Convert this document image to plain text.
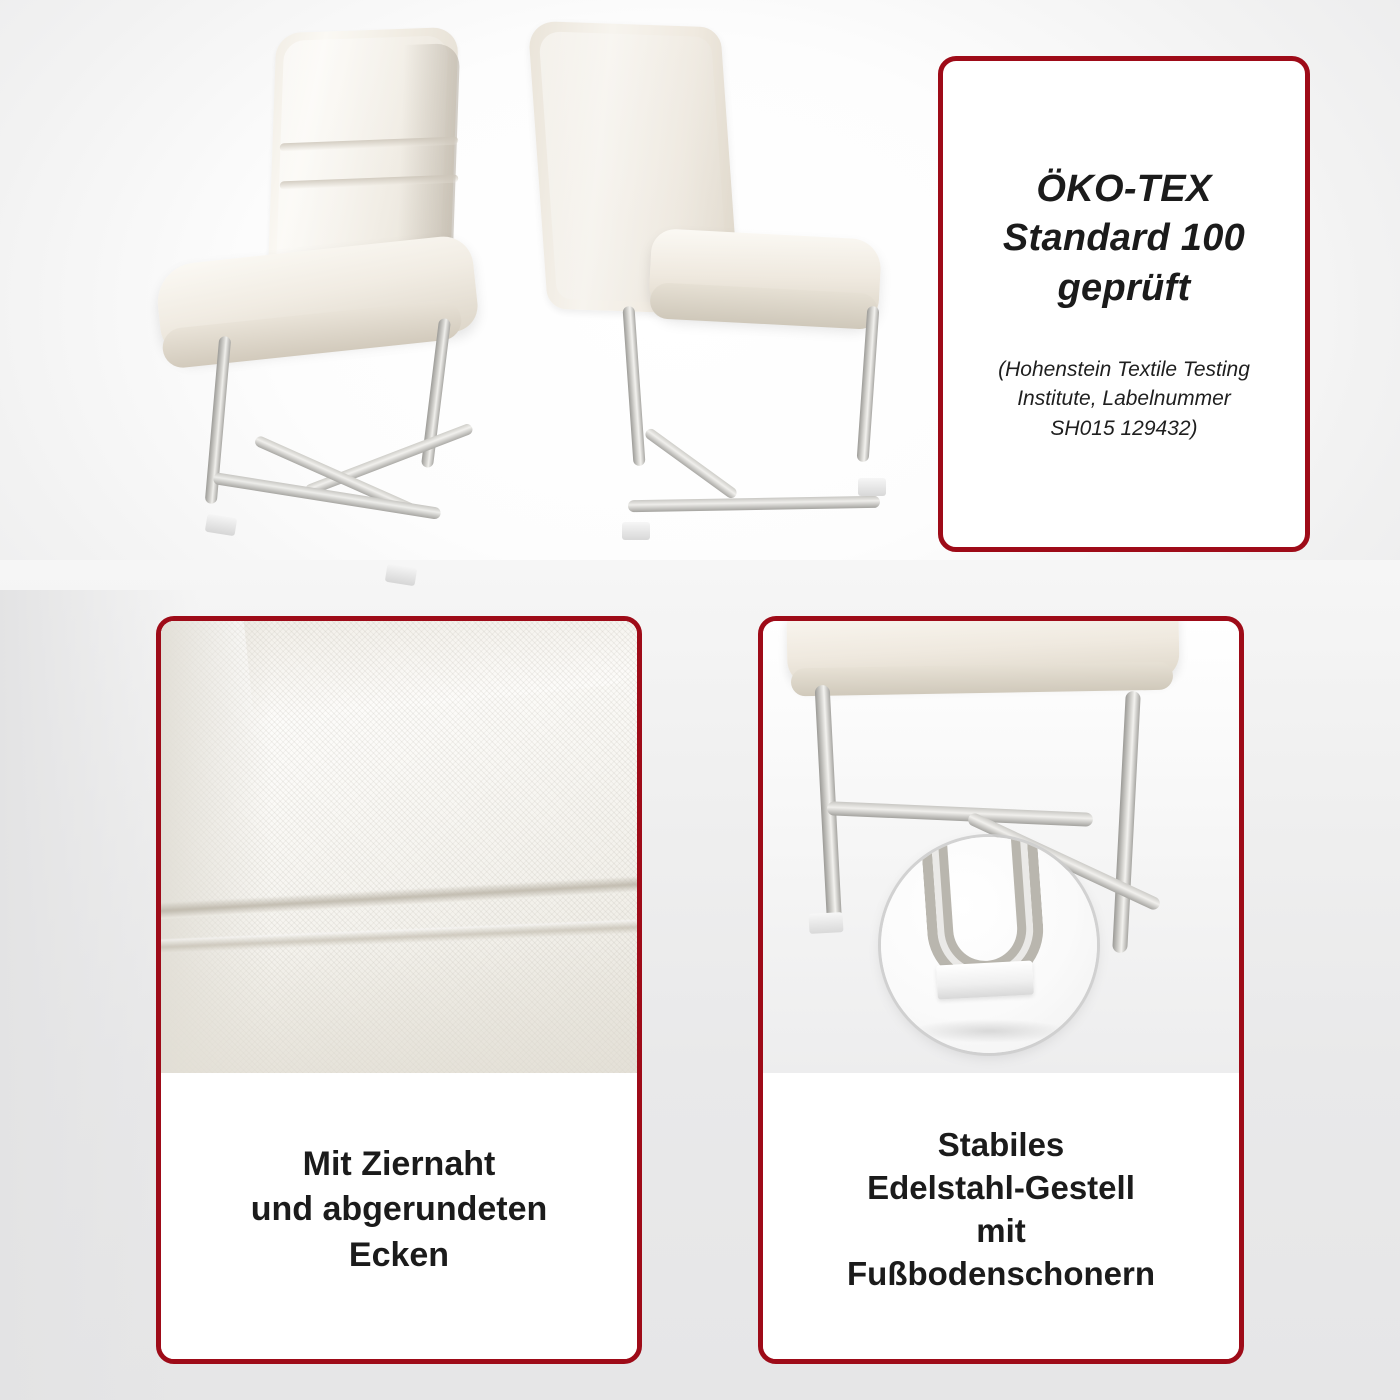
ÖKO-TEX
Standard 100
geprüft
(Hohenstein Textile Testing
Institute, Labelnummer
SH015 129432)
Mit Ziernaht
und abgerundeten
Ecken
Stabiles
Edelstahl-Gestell
mit
Fußbodenschonern
